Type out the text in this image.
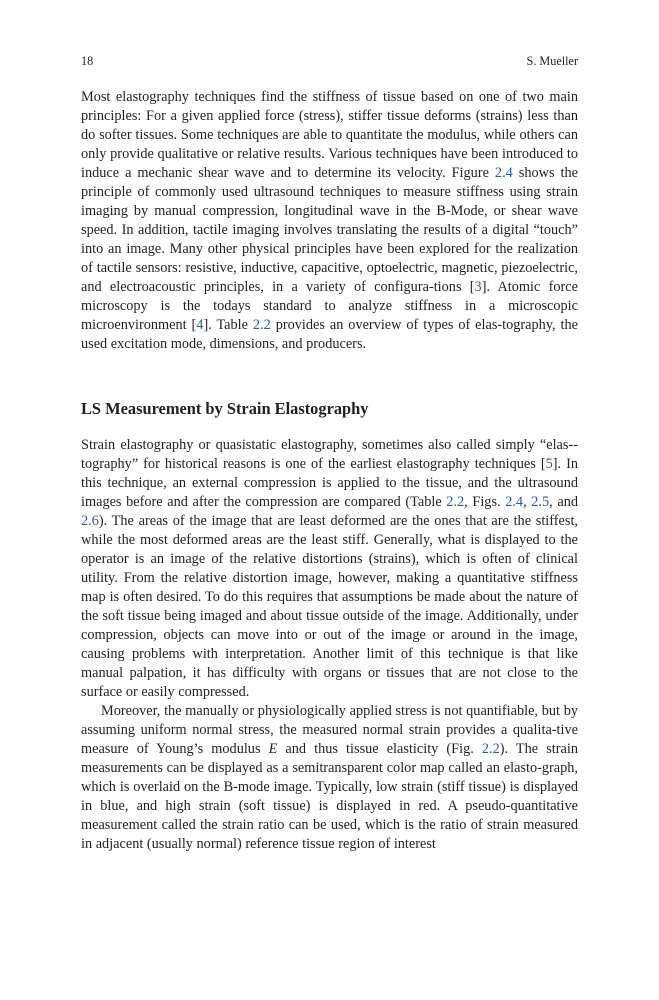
18	S. Mueller

Most elastography techniques find the stiffness of tissue based on one of two main principles: For a given applied force (stress), stiffer tissue deforms (strains) less than do softer tissues. Some techniques are able to quantitate the modulus, while others can only provide qualitative or relative results. Various techniques have been introduced to induce a mechanic shear wave and to determine its velocity. Figure 2.4 shows the principle of commonly used ultrasound techniques to measure stiffness using strain imaging by manual compression, longitudinal wave in the B-Mode, or shear wave speed. In addition, tactile imaging involves translating the results of a digital “touch” into an image. Many other physical principles have been explored for the realization of tactile sensors: resistive, inductive, capacitive, optoelectric, magnetic, piezoelectric, and electroacoustic principles, in a variety of configura-tions [3]. Atomic force microscopy is the todays standard to analyze stiffness in a microscopic microenvironment [4]. Table 2.2 provides an overview of types of elas-tography, the used excitation mode, dimensions, and producers.

LS Measurement by Strain Elastography

Strain elastography or quasistatic elastography, sometimes also called simply “elas-tography” for historical reasons is one of the earliest elastography techniques [5]. In this technique, an external compression is applied to the tissue, and the ultrasound images before and after the compression are compared (Table 2.2, Figs. 2.4, 2.5, and 2.6). The areas of the image that are least deformed are the ones that are the stiffest, while the most deformed areas are the least stiff. Generally, what is displayed to the operator is an image of the relative distortions (strains), which is often of clinical utility. From the relative distortion image, however, making a quantitative stiffness map is often desired. To do this requires that assumptions be made about the nature of the soft tissue being imaged and about tissue outside of the image. Additionally, under compression, objects can move into or out of the image or around in the image, causing problems with interpretation. Another limit of this technique is that like manual palpation, it has difficulty with organs or tissues that are not close to the surface or easily compressed.

Moreover, the manually or physiologically applied stress is not quantifiable, but by assuming uniform normal stress, the measured normal strain provides a qualita-tive measure of Young’s modulus E and thus tissue elasticity (Fig. 2.2). The strain measurements can be displayed as a semitransparent color map called an elasto-graph, which is overlaid on the B-mode image. Typically, low strain (stiff tissue) is displayed in blue, and high strain (soft tissue) is displayed in red. A pseudo-quantitative measurement called the strain ratio can be used, which is the ratio of strain measured in adjacent (usually normal) reference tissue region of interest
